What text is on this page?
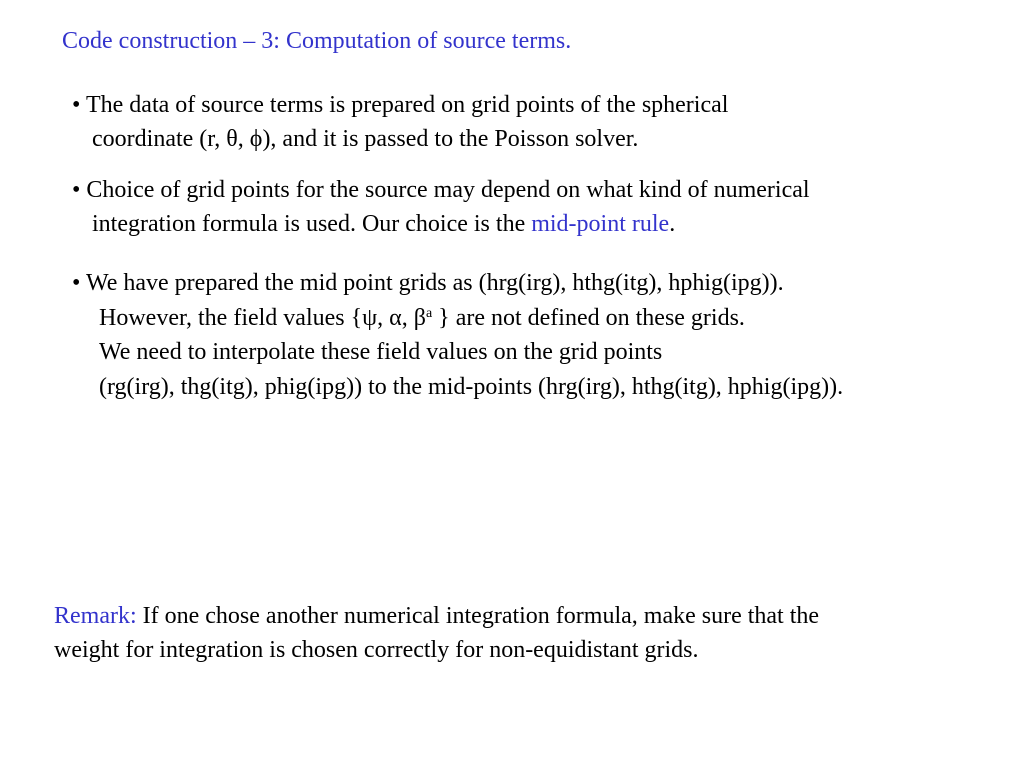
Code construction – 3: Computation of source terms.
• The data of source terms is prepared on grid points of the spherical
coordinate (r, θ, ϕ), and it is passed to the Poisson solver.
• Choice of grid points for the source may depend on what kind of numerical
integration formula is used. Our choice is the mid-point rule.
• We have prepared the mid point grids as (hrg(irg), hthg(itg), hphig(ipg)).
However, the field values {ψ, α, $\beta^a$ } are not defined on these grids.
We need to interpolate these field values on the grid points
(rg(irg), thg(itg), phig(ipg)) to the mid-points (hrg(irg), hthg(itg), hphig(ipg)).
Remark: If one chose another numerical integration formula, make sure that the
weight for integration is chosen correctly for non-equidistant grids.
